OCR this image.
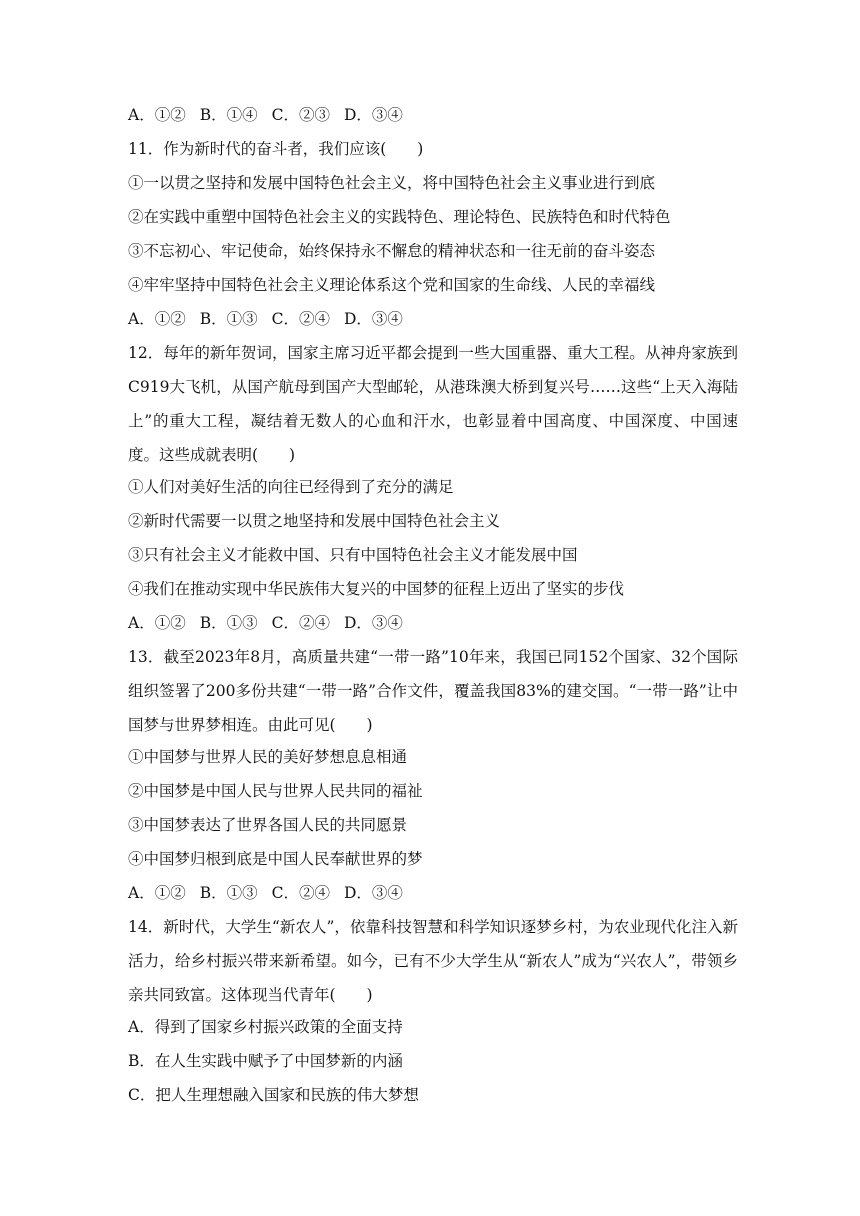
A．①② B．①④ C．②③ D．③④
11．作为新时代的奋斗者，我们应该(　　)
①一以贯之坚持和发展中国特色社会主义，将中国特色社会主义事业进行到底
②在实践中重塑中国特色社会主义的实践特色、理论特色、民族特色和时代特色
③不忘初心、牢记使命，始终保持永不懈怠的精神状态和一往无前的奋斗姿态
④牢牢坚持中国特色社会主义理论体系这个党和国家的生命线、人民的幸福线
A．①② B．①③ C．②④ D．③④
12．每年的新年贺词，国家主席习近平都会提到一些大国重器、重大工程。从神舟家族到C919大飞机，从国产航母到国产大型邮轮，从港珠澳大桥到复兴号……这些“上天入海陆上”的重大工程，凝结着无数人的心血和汗水，也彰显着中国高度、中国深度、中国速度。这些成就表明(　　)
①人们对美好生活的向往已经得到了充分的满足
②新时代需要一以贯之地坚持和发展中国特色社会主义
③只有社会主义才能救中国、只有中国特色社会主义才能发展中国
④我们在推动实现中华民族伟大复兴的中国梦的征程上迈出了坚实的步伐
A．①② B．①③ C．②④ D．③④
13．截至2023年8月，高质量共建“一带一路”10年来，我国已同152个国家、32个国际组织签署了200多份共建“一带一路”合作文件，覆盖我国83%的建交国。“一带一路”让中国梦与世界梦相连。由此可见(　　)
①中国梦与世界人民的美好梦想息息相通
②中国梦是中国人民与世界人民共同的福祉
③中国梦表达了世界各国人民的共同愿景
④中国梦归根到底是中国人民奉献世界的梦
A．①② B．①③ C．②④ D．③④
14．新时代，大学生“新农人”，依靠科技智慧和科学知识逐梦乡村，为农业现代化注入新活力，给乡村振兴带来新希望。如今，已有不少大学生从“新农人”成为“兴农人”，带领乡亲共同致富。这体现当代青年(　　)
A．得到了国家乡村振兴政策的全面支持
B．在人生实践中赋予了中国梦新的内涵
C．把人生理想融入国家和民族的伟大梦想
